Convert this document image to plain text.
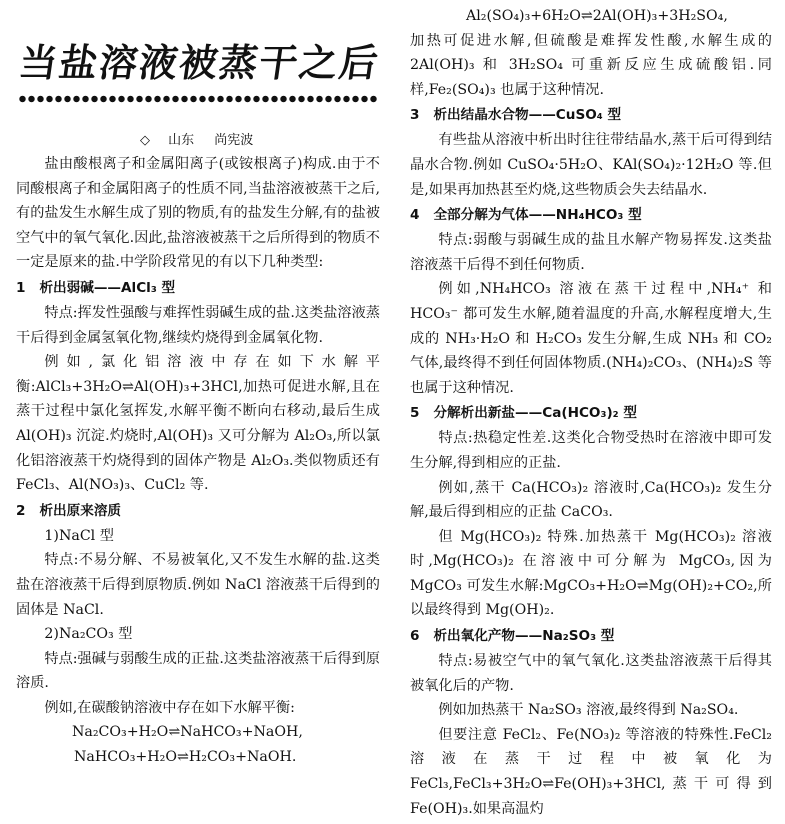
当盐溶液被蒸干之后
◇ 山东 尚宪波

盐由酸根离子和金属阳离子(或铵根离子)构成.由于不同酸根离子和金属阳离子的性质不同,当盐溶液被蒸干之后,有的盐发生水解生成了别的物质,有的盐发生分解,有的盐被空气中的氧气氧化.因此,盐溶液被蒸干之后所得到的物质不一定是原来的盐.中学阶段常见的有以下几种类型:

1 析出弱碱——AlCl₃ 型

特点:挥发性强酸与难挥性弱碱生成的盐.这类盐溶液蒸干后得到金属氢氧化物,继续灼烧得到金属氧化物.

例如,氯化铝溶液中存在如下水解平衡:AlCl₃+3H₂O⇌Al(OH)₃+3HCl,加热可促进水解,且在蒸干过程中氯化氢挥发,水解平衡不断向右移动,最后生成 Al(OH)₃ 沉淀.灼烧时,Al(OH)₃ 又可分解为 Al₂O₃,所以氯化铝溶液蒸干灼烧得到的固体产物是 Al₂O₃.类似物质还有 FeCl₃、Al(NO₃)₃、CuCl₂ 等.

2 析出原来溶质

1)NaCl 型

特点:不易分解、不易被氧化,又不发生水解的盐.这类盐在溶液蒸干后得到原物质.例如 NaCl 溶液蒸干后得到的固体是 NaCl.

2)Na₂CO₃ 型

特点:强碱与弱酸生成的正盐.这类盐溶液蒸干后得到原溶质.

例如,在碳酸钠溶液中存在如下水解平衡:

Na₂CO₃+H₂O⇌NaHCO₃+NaOH,

NaHCO₃+H₂O⇌H₂CO₃+NaOH.

Al₂(SO₄)₃+6H₂O⇌2Al(OH)₃+3H₂SO₄,

加热可促进水解,但硫酸是难挥发性酸,水解生成的 2Al(OH)₃ 和 3H₂SO₄ 可重新反应生成硫酸铝.同样,Fe₂(SO₄)₃ 也属于这种情况.

3 析出结晶水合物——CuSO₄ 型

有些盐从溶液中析出时往往带结晶水,蒸干后可得到结晶水合物.例如 CuSO₄·5H₂O、KAl(SO₄)₂·12H₂O 等.但是,如果再加热甚至灼烧,这些物质会失去结晶水.

4 全部分解为气体——NH₄HCO₃ 型

特点:弱酸与弱碱生成的盐且水解产物易挥发.这类盐溶液蒸干后得不到任何物质.

例如,NH₄HCO₃ 溶液在蒸干过程中,NH₄⁺ 和 HCO₃⁻ 都可发生水解,随着温度的升高,水解程度增大,生成的 NH₃·H₂O 和 H₂CO₃ 发生分解,生成 NH₃ 和 CO₂ 气体,最终得不到任何固体物质.(NH₄)₂CO₃、(NH₄)₂S 等也属于这种情况.

5 分解析出新盐——Ca(HCO₃)₂ 型

特点:热稳定性差.这类化合物受热时在溶液中即可发生分解,得到相应的正盐.

例如,蒸干 Ca(HCO₃)₂ 溶液时,Ca(HCO₃)₂ 发生分解,最后得到相应的正盐 CaCO₃.

但 Mg(HCO₃)₂ 特殊.加热蒸干 Mg(HCO₃)₂ 溶液时,Mg(HCO₃)₂ 在溶液中可分解为 MgCO₃,因为 MgCO₃ 可发生水解:MgCO₃+H₂O⇌Mg(OH)₂+CO₂,所以最终得到 Mg(OH)₂.

6 析出氧化产物——Na₂SO₃ 型

特点:易被空气中的氧气氧化.这类盐溶液蒸干后得其被氧化后的产物.

例如加热蒸干 Na₂SO₃ 溶液,最终得到 Na₂SO₄.

但要注意 FeCl₂、Fe(NO₃)₂ 等溶液的特殊性.FeCl₂ 溶液在蒸干过程中被氧化为 FeCl₃,FeCl₃+3H₂O⇌Fe(OH)₃+3HCl,蒸干可得到 Fe(OH)₃.如果高温灼
